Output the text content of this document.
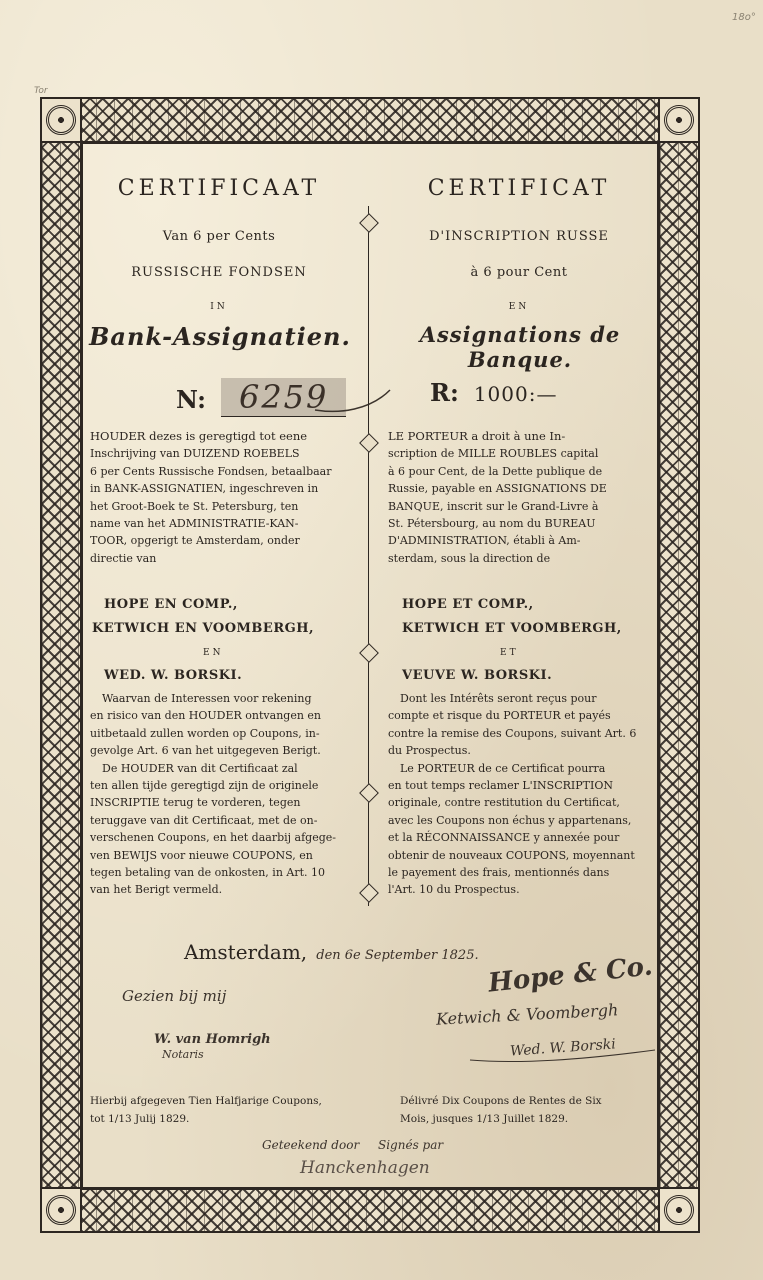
Tor
18o°
CERTIFICAAT	CERTIFICAT
Van 6 per Cents	D'INSCRIPTION RUSSE
RUSSISCHE FONDSEN	à 6 pour Cent
IN	EN
Bank-Assignatien.	Assignations de Banque.
N: 6259	R: 1000:—

HOUDER dezes is geregtigd tot eene

Inschrijving van DUIZEND ROEBELS

6 per Cents Russische Fondsen, betaalbaar

in BANK-ASSIGNATIEN, ingeschreven in

het Groot-Boek te St. Petersburg, ten

name van het ADMINISTRATIE-KAN-

TOOR, opgerigt te Amsterdam, onder

directie van

HOPE EN COMP.,
KETWICH EN VOOMBERGH,
EN
WED. W. BORSKI.

Waarvan de Interessen voor rekening

en risico van den HOUDER ontvangen en

uitbetaald zullen worden op Coupons, in-

gevolge Art. 6 van het uitgegeven Berigt.

De HOUDER van dit Certificaat zal

ten allen tijde geregtigd zijn de originele

INSCRIPTIE terug te vorderen, tegen

teruggave van dit Certificaat, met de on-

verschenen Coupons, en het daarbij afgege-

ven BEWIJS voor nieuwe COUPONS, en

tegen betaling van de onkosten, in Art. 10

van het Berigt vermeld.

LE PORTEUR a droit à une In-

scription de MILLE ROUBLES capital

à 6 pour Cent, de la Dette publique de

Russie, payable en ASSIGNATIONS DE

BANQUE, inscrit sur le Grand-Livre à

St. Pétersbourg, au nom du BUREAU

D'ADMINISTRATION, établi à Am-

sterdam, sous la direction de

HOPE ET COMP.,
KETWICH ET VOOMBERGH,
ET
VEUVE W. BORSKI.

Dont les Intérêts seront reçus pour

compte et risque du PORTEUR et payés

contre la remise des Coupons, suivant Art. 6

du Prospectus.

Le PORTEUR de ce Certificat pourra

en tout temps reclamer L'INSCRIPTION

originale, contre restitution du Certificat,

avec les Coupons non échus y appartenans,

et la RÉCONNAISSANCE y annexée pour

obtenir de nouveaux COUPONS, moyennant

le payement des frais, mentionnés dans

l'Art. 10 du Prospectus.

Amsterdam, den 6e September 1825.
Gezien bij mij	Hope & Co.
Ketwich & Voombergh
W. van Homrigh
Notaris	Wed. W. Borski
Hierbij afgegeven Tien Halfjarige Coupons,
tot 1/13 Julij 1829.
Délivré Dix Coupons de Rentes de Six
Mois, jusques 1/13 Juillet 1829.
Geteekend door Signés par
Hanckenhagen
